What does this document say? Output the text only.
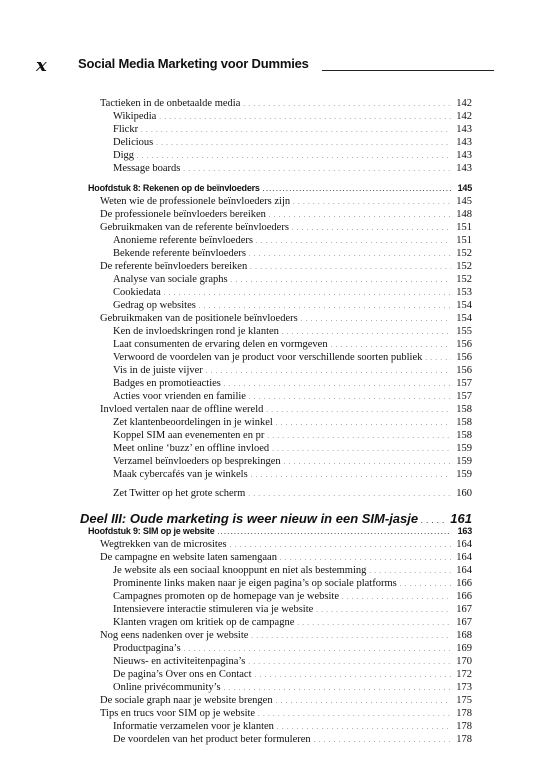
x Social Media Marketing voor Dummies
Tactieken in de onbetaalde media . . .	142
Wikipedia . . .	142
Flickr . . .	143
Delicious . . .	143
Digg . . .	143
Message boards . . .	143
Hoofdstuk 8: Rekenen op de beïnvloeders . . .	145
Weten wie de professionele beïnvloeders zijn . . .	145
De professionele beïnvloeders bereiken . . .	148
Gebruikmaken van de referente beïnvloeders . . .	151
Anonieme referente beïnvloeders . . .	151
Bekende referente beïnvloeders . . .	152
De referente beïnvloeders bereiken . . .	152
Analyse van sociale graphs . . .	152
Cookiedata . . .	153
Gedrag op websites . . .	154
Gebruikmaken van de positionele beïnvloeders . . .	154
Ken de invloedskringen rond je klanten . . .	155
Laat consumenten de ervaring delen en vormgeven . . .	156
Verwoord de voordelen van je product voor verschillende soorten publiek . . .	156
Vis in de juiste vijver . . .	156
Badges en promotieacties . . .	157
Acties voor vrienden en familie . . .	157
Invloed vertalen naar de offline wereld . . .	158
Zet klantenbeoordelingen in je winkel . . .	158
Koppel SIM aan evenementen en pr . . .	158
Meet online ‘buzz’ en offline invloed . . .	159
Verzamel beïnvloeders op besprekingen . . .	159
Maak cybercafés van je winkels . . .	159
Zet Twitter op het grote scherm . . .	160
Deel III: Oude marketing is weer nieuw in een SIM-jasje . . . 161
Hoofdstuk 9: SIM op je website . . .	163
Wegtrekken van de microsites . . .	164
De campagne en website laten samengaan . . .	164
Je website als een sociaal knooppunt en niet als bestemming . . .	164
Prominente links maken naar je eigen pagina’s op sociale platforms . . .	166
Campagnes promoten op de homepage van je website . . .	166
Intensievere interactie stimuleren via je website . . .	167
Klanten vragen om kritiek op de campagne . . .	167
Nog eens nadenken over je website . . .	168
Productpagina’s . . .	169
Nieuws- en activiteitenpagina’s . . .	170
De pagina’s Over ons en Contact . . .	172
Online privécommunity’s . . .	173
De sociale graph naar je website brengen . . .	175
Tips en trucs voor SIM op je website . . .	178
Informatie verzamelen voor je klanten . . .	178
De voordelen van het product beter formuleren . . .	178
